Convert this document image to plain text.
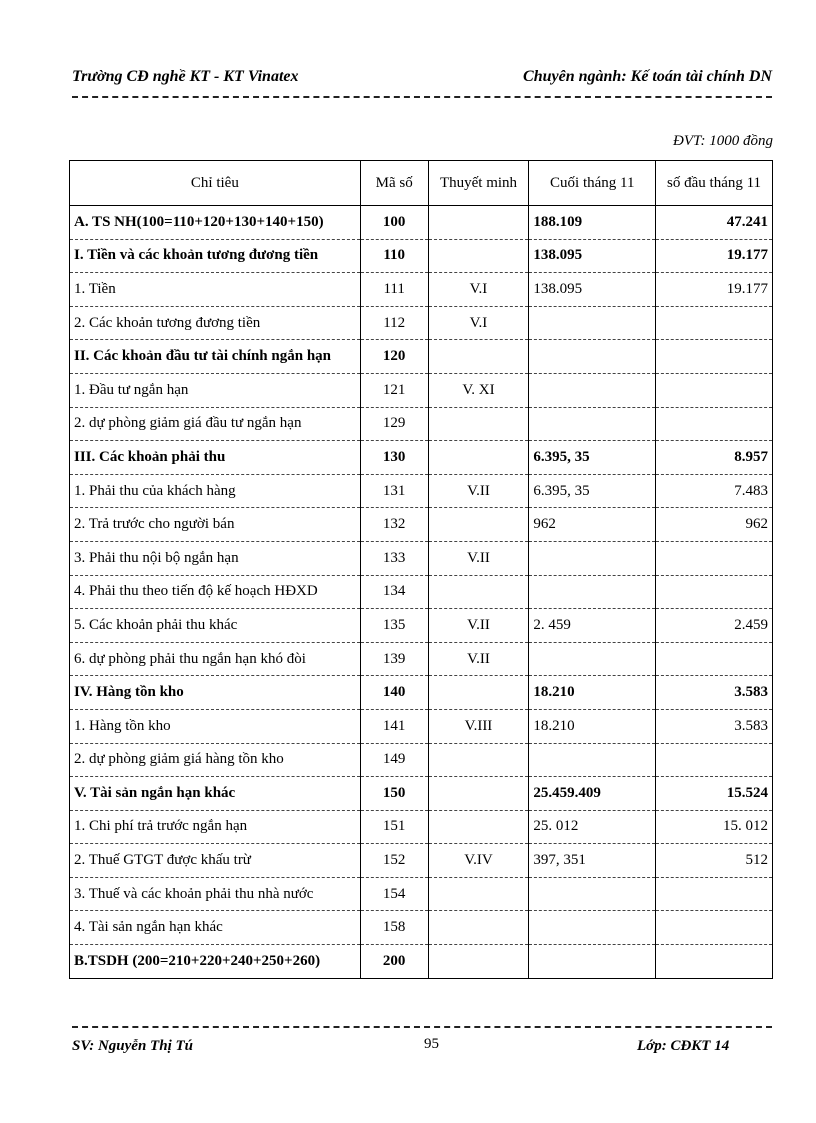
Trường CĐ nghề KT - KT Vinatex	Chuyên ngành: Kế toán tài chính DN
ĐVT: 1000 đồng
Chỉ tiêu	Mã số	Thuyết minh	Cuối tháng 11	số đầu tháng 11
A. TS NH(100=110+120+130+140+150)	100		188.109	47.241
I. Tiền và các khoản tương đương tiền	110		138.095	19.177
1. Tiền	111	V.I	138.095	19.177
2. Các khoản tương đương tiền	112	V.I		
II. Các khoản đầu tư tài chính ngắn hạn	120			
1. Đầu tư ngắn hạn	121	V. XI		
2. dự phòng giảm giá đầu tư ngắn hạn	129			
III. Các khoản phải thu	130		6.395, 35	8.957
1. Phải thu của khách hàng	131	V.II	6.395, 35	7.483
2. Trả trước cho người bán	132		962	962
3. Phải thu nội bộ ngắn hạn	133	V.II		
4. Phải thu theo tiến độ kế hoạch HĐXD	134			
5. Các khoản phải thu khác	135	V.II	2. 459	2.459
6. dự phòng phải thu ngắn hạn khó đòi	139	V.II		
IV. Hàng tồn kho	140		18.210	3.583
1. Hàng tồn kho	141	V.III	18.210	3.583
2. dự phòng giảm giá hàng tồn kho	149			
V. Tài sản ngắn hạn khác	150		25.459.409	15.524
1. Chi phí trả trước ngắn hạn	151		25. 012	15. 012
2. Thuế GTGT được khấu trừ	152	V.IV	397, 351	512
3. Thuế và các khoản phải thu nhà nước	154			
4. Tài sản ngắn hạn khác	158			
B.TSDH (200=210+220+240+250+260)	200			
SV: Nguyễn Thị Tú	95	Lớp: CĐKT 14
